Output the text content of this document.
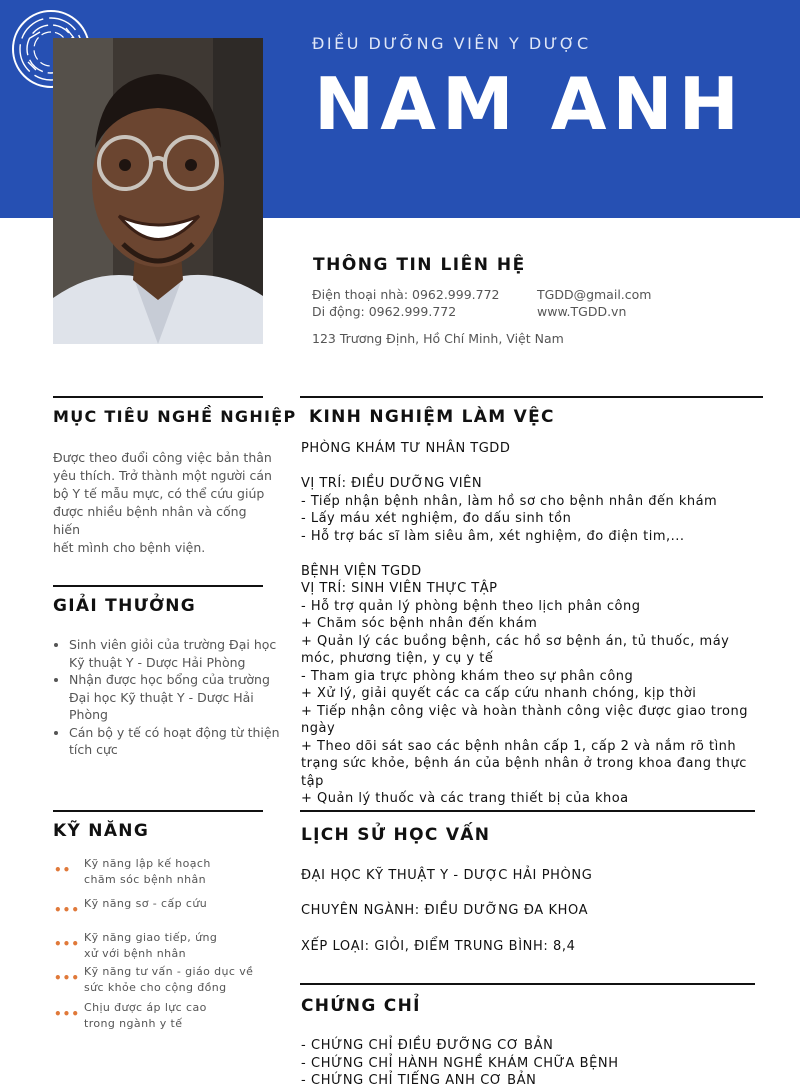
ĐIỀU DƯỠNG VIÊN Y DƯỢC
NAM ANH
THÔNG TIN LIÊN HỆ
Điện thoại nhà: 0962.999.772
Di động: 0962.999.772
TGDD@gmail.com
www.TGDD.vn
123 Trương Định, Hồ Chí Minh, Việt Nam
MỤC TIÊU NGHỀ NGHIỆP
Được theo đuổi công việc bản thân
yêu thích. Trở thành một người cán
bộ Y tế mẫu mực, có thể cứu giúp
được nhiều bệnh nhân và cống hiến
hết mình cho bệnh viện.
GIẢI THƯỞNG
• Sinh viên giỏi của trường Đại học Kỹ thuật Y - Dược Hải Phòng
• Nhận được học bổng của trường Đại học Kỹ thuật Y - Dược Hải Phòng
• Cán bộ y tế có hoạt động từ thiện tích cực
KỸ NĂNG
•• Kỹ năng lập kế hoạch
chăm sóc bệnh nhân
••• Kỹ năng sơ - cấp cứu
••• Kỹ năng giao tiếp, ứng
xử với bệnh nhân
••• Kỹ năng tư vấn - giáo dục về
sức khỏe cho cộng đồng
••• Chịu được áp lực cao
trong ngành y tế
KINH NGHIỆM LÀM VỆC
PHÒNG KHÁM TƯ NHÂN TGDD

VỊ TRÍ: ĐIỀU DƯỠNG VIÊN
- Tiếp nhận bệnh nhân, làm hồ sơ cho bệnh nhân đến khám
- Lấy máu xét nghiệm, đo dấu sinh tồn
- Hỗ trợ bác sĩ làm siêu âm, xét nghiệm, đo điện tim,...

BỆNH VIỆN TGDD
VỊ TRÍ: SINH VIÊN THỰC TẬP
- Hỗ trợ quản lý phòng bệnh theo lịch phân công
+ Chăm sóc bệnh nhân đến khám
+ Quản lý các buồng bệnh, các hồ sơ bệnh án, tủ thuốc, máy
móc, phương tiện, y cụ y tế
- Tham gia trực phòng khám theo sự phân công
+ Xử lý, giải quyết các ca cấp cứu nhanh chóng, kịp thời
+ Tiếp nhận công việc và hoàn thành công việc được giao trong
ngày
+ Theo dõi sát sao các bệnh nhân cấp 1, cấp 2 và nắm rõ tình
trạng sức khỏe, bệnh án của bệnh nhân ở trong khoa đang thực
tập
+ Quản lý thuốc và các trang thiết bị của khoa
LỊCH SỬ HỌC VẤN
ĐẠI HỌC KỸ THUẬT Y - DƯỢC HẢI PHÒNG
CHUYÊN NGÀNH: ĐIỀU DƯỠNG ĐA KHOA
XẾP LOẠI: GIỎI, ĐIỂM TRUNG BÌNH: 8,4
CHỨNG CHỈ
- CHỨNG CHỈ ĐIỀU ĐƯỠNG CƠ BẢN
- CHỨNG CHỈ HÀNH NGHỀ KHÁM CHỮA BỆNH
- CHỨNG CHỈ TIẾNG ANH CƠ BẢN
